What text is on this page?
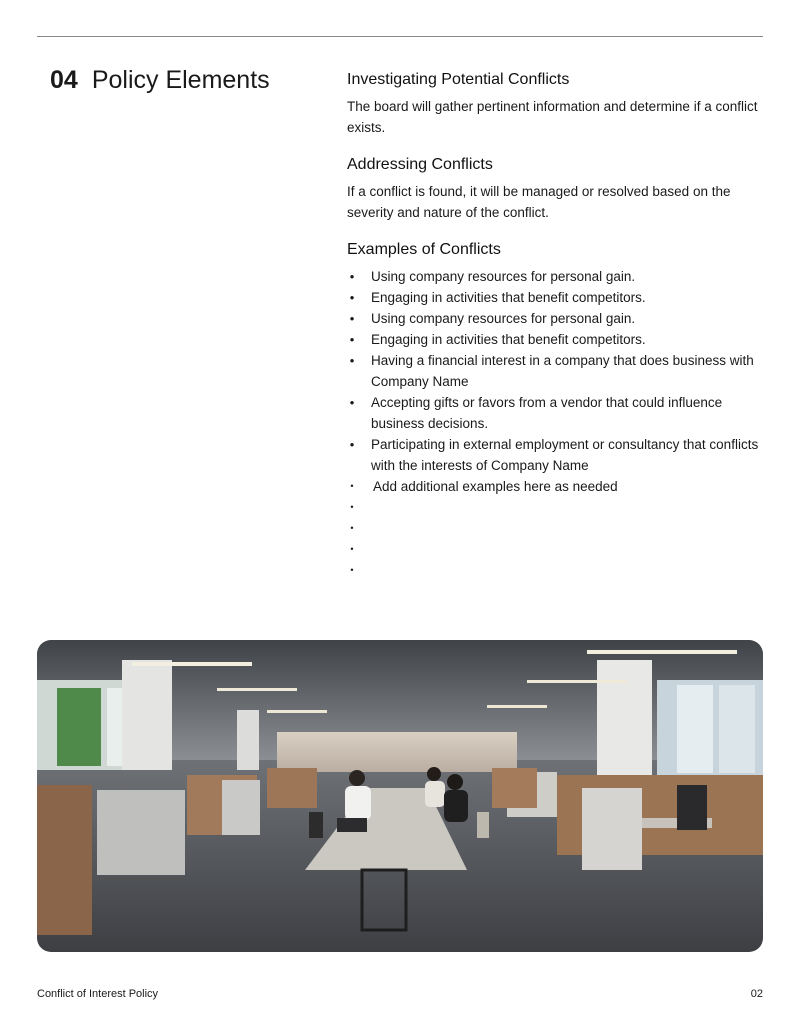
04 Policy Elements	Investigating Potential Conflicts

The board will gather pertinent information and determine if a conflict exists.

Addressing Conflicts

If a conflict is found, it will be managed or resolved based on the severity and nature of the conflict.

Examples of Conflicts
• Using company resources for personal gain.
• Engaging in activities that benefit competitors.
• Using company resources for personal gain.
• Engaging in activities that benefit competitors.
• Having a financial interest in a company that does business with Company Name
• Accepting gifts or favors from a vendor that could influence business decisions.
• Participating in external employment or consultancy that conflicts with the interests of Company Name
• Add additional examples here as needed
•
•
•
•
Conflict of Interest Policy	02
